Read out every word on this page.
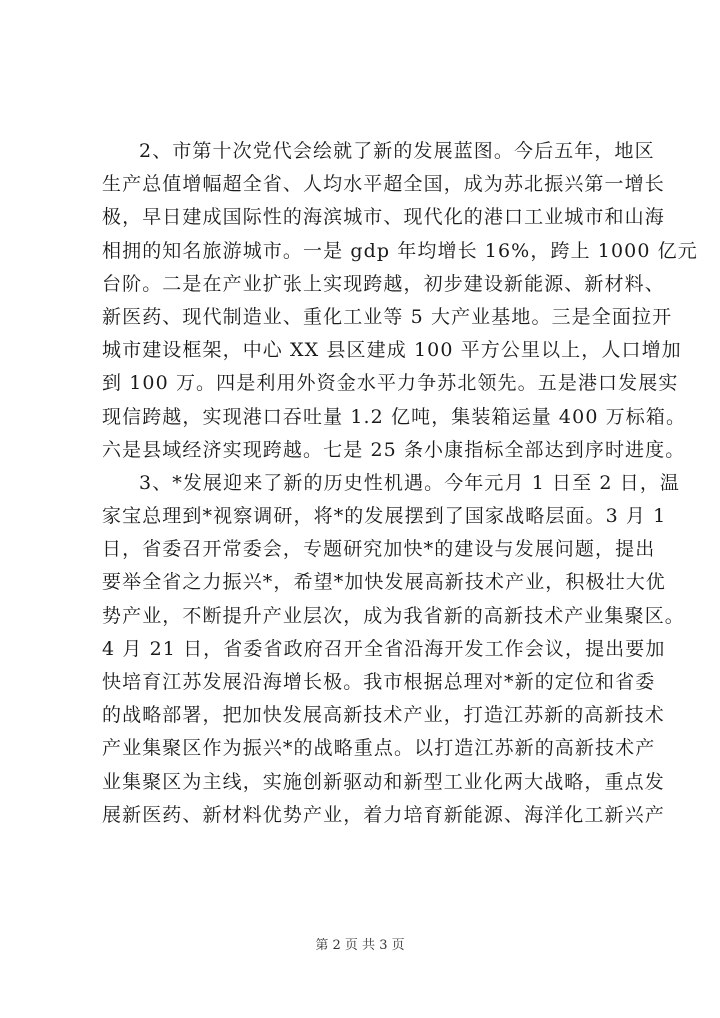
2、市第十次党代会绘就了新的发展蓝图。今后五年，地区
生产总值增幅超全省、人均水平超全国，成为苏北振兴第一增长
极，早日建成国际性的海滨城市、现代化的港口工业城市和山海
相拥的知名旅游城市。一是 gdp 年均增长 16%，跨上 1000 亿元
台阶。二是在产业扩张上实现跨越，初步建设新能源、新材料、
新医药、现代制造业、重化工业等 5 大产业基地。三是全面拉开
城市建设框架，中心 XX 县区建成 100 平方公里以上，人口增加
到 100 万。四是利用外资金水平力争苏北领先。五是港口发展实
现信跨越，实现港口吞吐量 1.2 亿吨，集装箱运量 400 万标箱。
六是县域经济实现跨越。七是 25 条小康指标全部达到序时进度。
3、*发展迎来了新的历史性机遇。今年元月 1 日至 2 日，温
家宝总理到*视察调研，将*的发展摆到了国家战略层面。3 月 1
日，省委召开常委会，专题研究加快*的建设与发展问题，提出
要举全省之力振兴*，希望*加快发展高新技术产业，积极壮大优
势产业，不断提升产业层次，成为我省新的高新技术产业集聚区。
4 月 21 日，省委省政府召开全省沿海开发工作会议，提出要加
快培育江苏发展沿海增长极。我市根据总理对*新的定位和省委
的战略部署，把加快发展高新技术产业，打造江苏新的高新技术
产业集聚区作为振兴*的战略重点。以打造江苏新的高新技术产
业集聚区为主线，实施创新驱动和新型工业化两大战略，重点发
展新医药、新材料优势产业，着力培育新能源、海洋化工新兴产
第 2 页 共 3 页
